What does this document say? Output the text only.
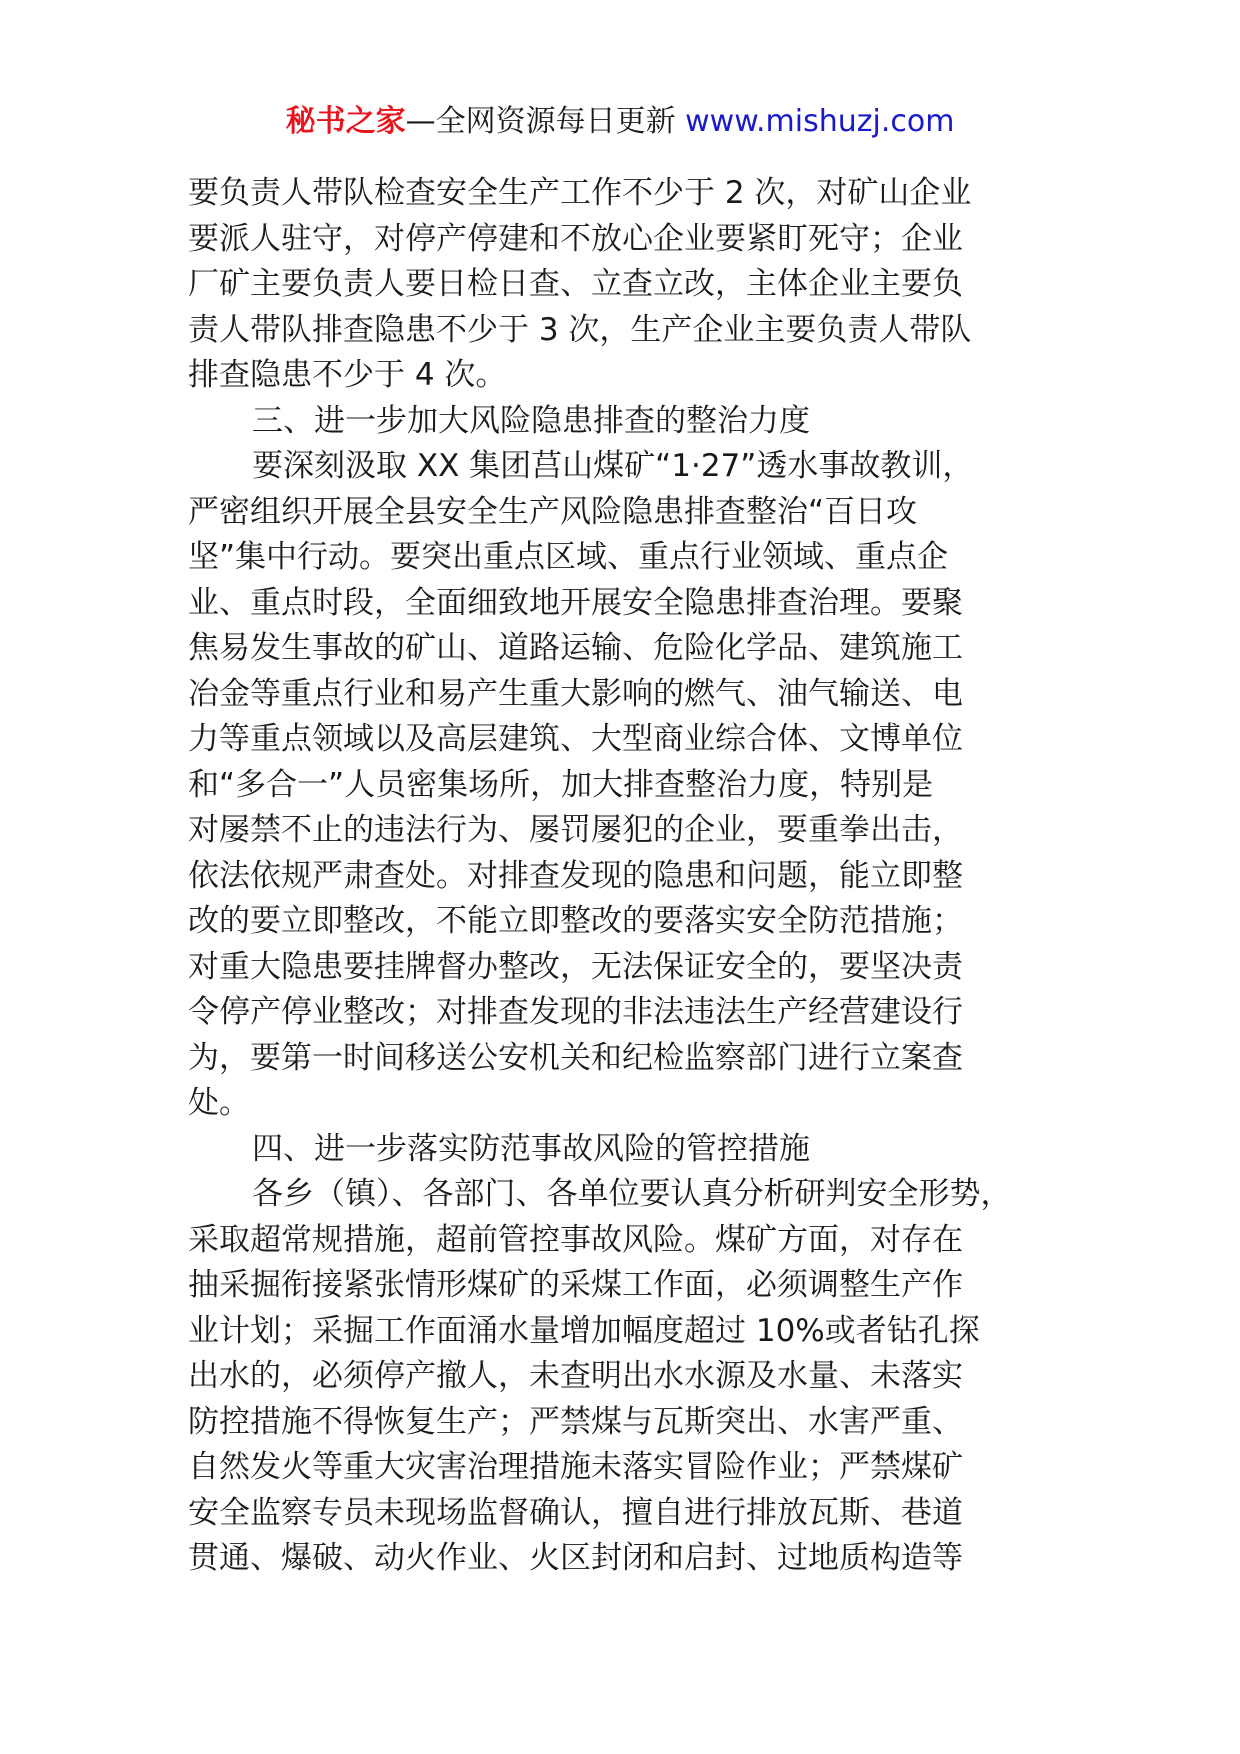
秘书之家—全网资源每日更新 www.mishuzj.com
要负责人带队检查安全生产工作不少于 2 次，对矿山企业
要派人驻守，对停产停建和不放心企业要紧盯死守；企业
厂矿主要负责人要日检日查、立查立改，主体企业主要负
责人带队排查隐患不少于 3 次，生产企业主要负责人带队
排查隐患不少于 4 次。
三、进一步加大风险隐患排查的整治力度
要深刻汲取 XX 集团莒山煤矿“1·27”透水事故教训，
严密组织开展全县安全生产风险隐患排查整治“百日攻
坚”集中行动。要突出重点区域、重点行业领域、重点企
业、重点时段，全面细致地开展安全隐患排查治理。要聚
焦易发生事故的矿山、道路运输、危险化学品、建筑施工
冶金等重点行业和易产生重大影响的燃气、油气输送、电
力等重点领域以及高层建筑、大型商业综合体、文博单位
和“多合一”人员密集场所，加大排查整治力度，特别是
对屡禁不止的违法行为、屡罚屡犯的企业，要重拳出击，
依法依规严肃查处。对排查发现的隐患和问题，能立即整
改的要立即整改，不能立即整改的要落实安全防范措施；
对重大隐患要挂牌督办整改，无法保证安全的，要坚决责
令停产停业整改；对排查发现的非法违法生产经营建设行
为，要第一时间移送公安机关和纪检监察部门进行立案查
处。
四、进一步落实防范事故风险的管控措施
各乡（镇）、各部门、各单位要认真分析研判安全形势，
采取超常规措施，超前管控事故风险。煤矿方面，对存在
抽采掘衔接紧张情形煤矿的采煤工作面，必须调整生产作
业计划；采掘工作面涌水量增加幅度超过 10%或者钻孔探
出水的，必须停产撤人，未查明出水水源及水量、未落实
防控措施不得恢复生产；严禁煤与瓦斯突出、水害严重、
自然发火等重大灾害治理措施未落实冒险作业；严禁煤矿
安全监察专员未现场监督确认，擅自进行排放瓦斯、巷道
贯通、爆破、动火作业、火区封闭和启封、过地质构造等
